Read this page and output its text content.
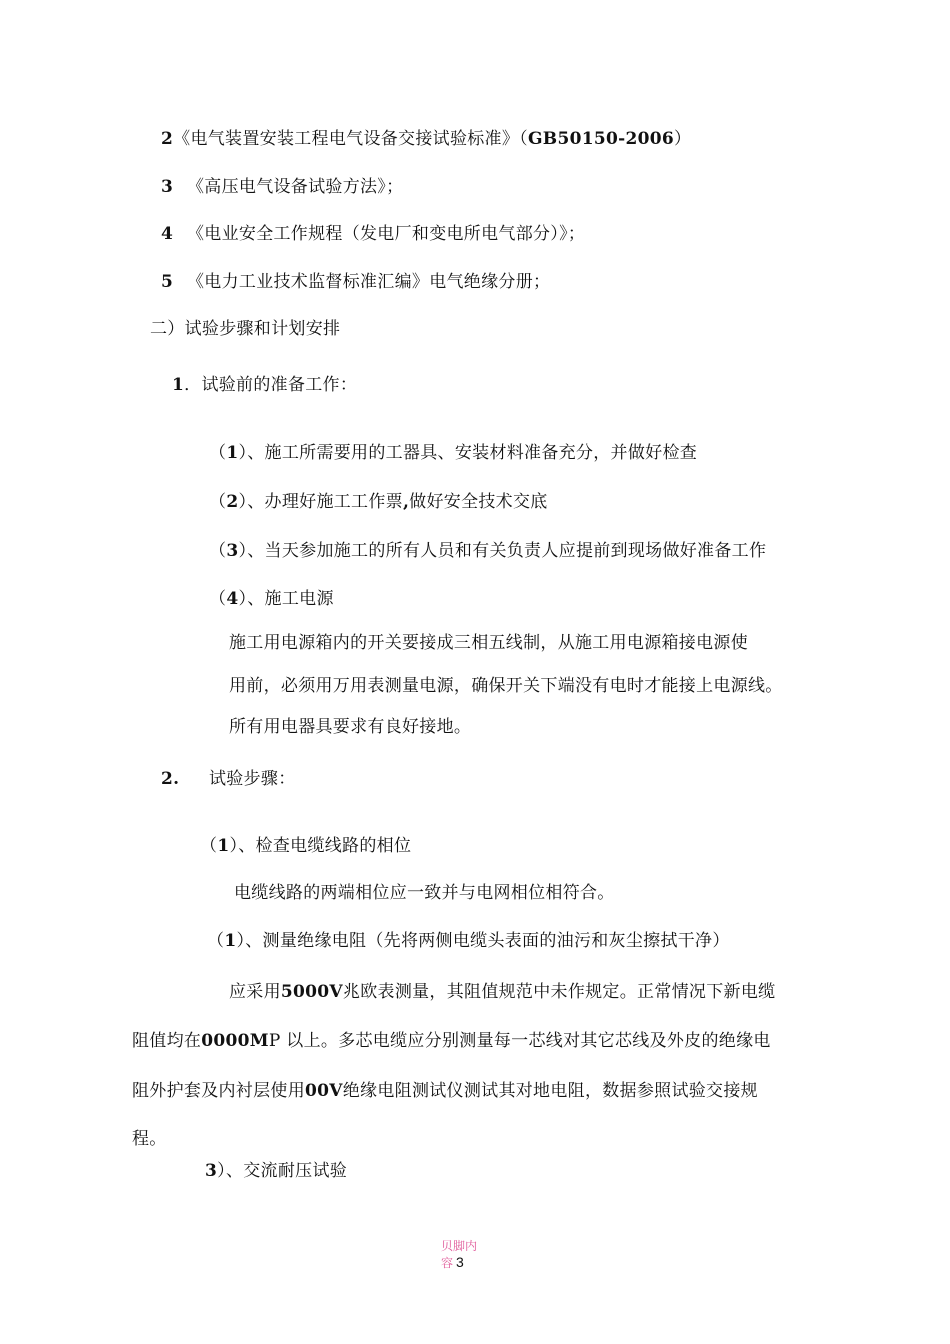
2《电气装置安装工程电气设备交接试验标准》（GB50150-2006）
3 《高压电气设备试验方法》；
4 《电业安全工作规程（发电厂和变电所电气部分）》；
5 《电力工业技术监督标准汇编》电气绝缘分册；
二）试验步骤和计划安排
1．试验前的准备工作：
（1）、施工所需要用的工器具、安装材料准备充分，并做好检查
（2）、办理好施工工作票,做好安全技术交底
（3）、当天参加施工的所有人员和有关负责人应提前到现场做好准备工作
（4）、施工电源
施工用电源箱内的开关要接成三相五线制，从施工用电源箱接电源使
用前，必须用万用表测量电源，确保开关下端没有电时才能接上电源线。
所有用电器具要求有良好接地。
2. 试验步骤：
（1）、检查电缆线路的相位
电缆线路的两端相位应一致并与电网相位相符合。
（1）、测量绝缘电阻（先将两侧电缆头表面的油污和灰尘擦拭干净）
应采用5000V兆欧表测量，其阻值规范中未作规定。正常情况下新电缆
阻值均在0000MP 以上。多芯电缆应分别测量每一芯线对其它芯线及外皮的绝缘电
阻外护套及内衬层使用00V绝缘电阻测试仪测试其对地电阻，数据参照试验交接规
程。
3）、交流耐压试验
贝脚内容 3
